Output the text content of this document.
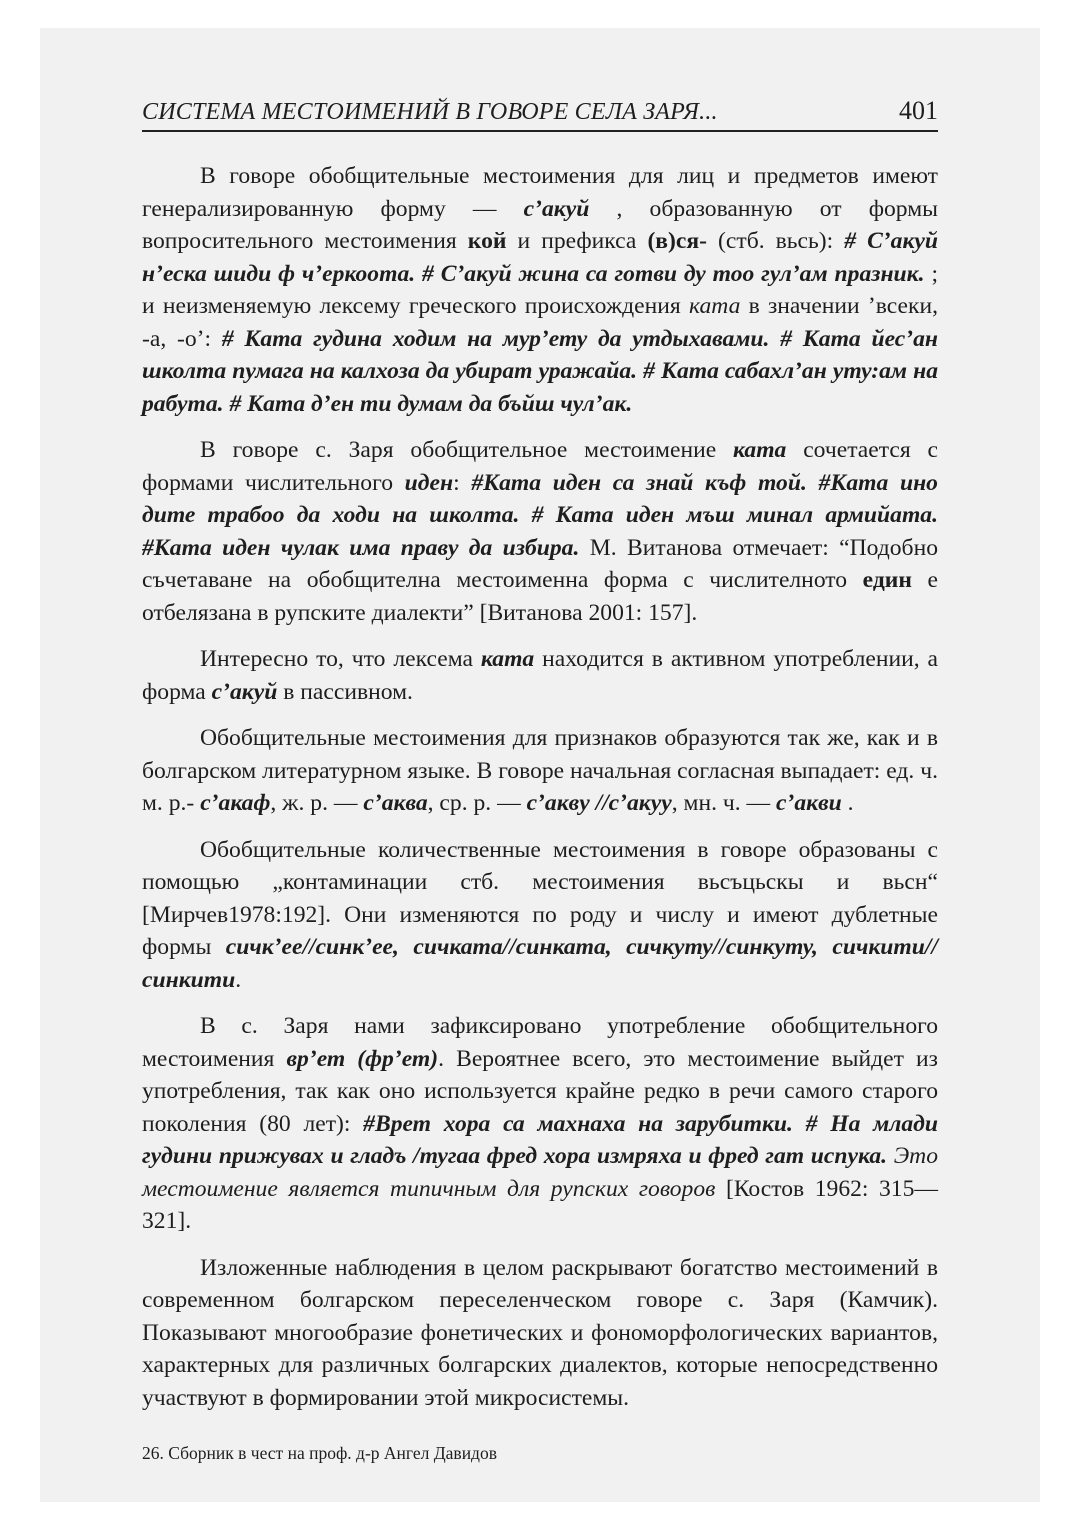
СИСТЕМА МЕСТОИМЕНИЙ В ГОВОРЕ СЕЛА ЗАРЯ...	401

В говоре обобщительные местоимения для лиц и предметов имеют генерализированную форму — с’акуй , образованную от формы вопросительного местоимения кой и префикса (в)ся- (стб. вьсь): # С’акуй н’еска шиди ф ч’еркоота. # С’акуй жина са готви ду тоо гул’ам празник. ; и неизменяемую лексему греческого происхождения ката в значении ’всеки, -а, -о’: # Ката гудина ходим на мур’ету да утдыхавами. # Ката йес’ан школта пумага на калхоза да убират уражайа. # Ката сабахл’ан уту:ам на рабута. # Ката д’ен ти думам да бъйш чул’ак.

В говоре с. Заря обобщительное местоимение ката сочетается с формами числительного иден: #Ката иден са знай къф той. #Ката ино дите трабоо да ходи на школта. # Ката иден мъш минал армийата. #Ката иден чулак има праву да избира. М. Витанова отмечает: “Подобно съчетаване на обобщителна местоименна форма с числителното един е отбелязана в рупските диалекти” [Витанова 2001: 157].

Интересно то, что лексема ката находится в активном употреблении, а форма с’акуй в пассивном.

Обобщительные местоимения для признаков образуются так же, как и в болгарском литературном языке. В говоре начальная согласная выпадает: ед. ч. м. р.- с’акаф, ж. р. — с’аква, ср. р. — с’акву //с’акуу, мн. ч. — с’акви .

Обобщительные количественные местоимения в говоре образованы с помощью „контаминации стб. местоимения вьсъцьскы и вьсн“ [Мирчев1978:192]. Они изменяются по роду и числу и имеют дублетные формы сичк’ее//синк’ее, сичката//синката, сичкуту//синкуту, сичкити//синкити.

В с. Заря нами зафиксировано употребление обобщительного местоимения вр’ет (фр’ет). Вероятнее всего, это местоимение выйдет из употребления, так как оно используется крайне редко в речи самого старого поколения (80 лет): #Врет хора са махнаха на зарубитки. # На млади гудини прижувах и гладъ /тугаа фред хора измряха и фред гат испука. Это местоимение является типичным для рупских говоров [Костов 1962: 315—321].

Изложенные наблюдения в целом раскрывают богатство местоимений в современном болгарском переселенческом говоре с. Заря (Камчик). Показывают многообразие фонетических и фономорфологических вариантов, характерных для различных болгарских диалектов, которые непосредственно участвуют в формировании этой микросистемы.

26. Сборник в чест на проф. д-р Ангел Давидов
